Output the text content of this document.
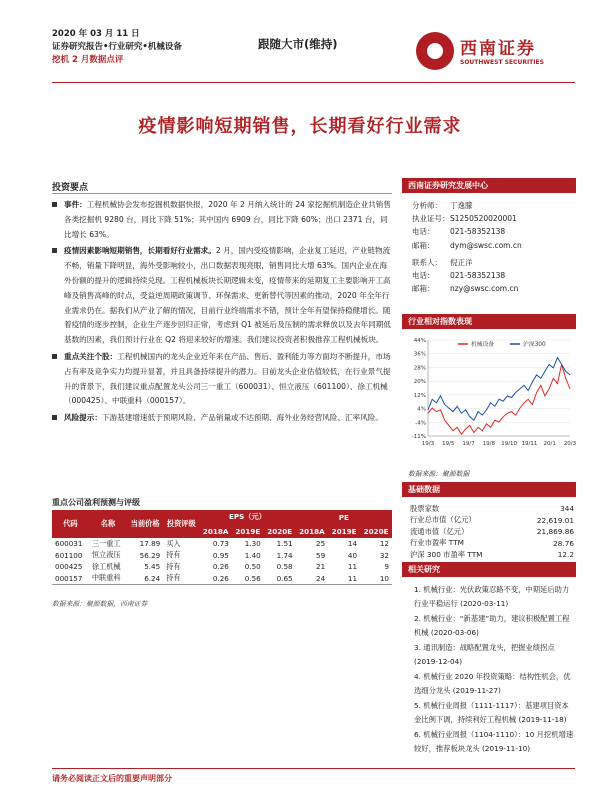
2020 年 03 月 11 日
证券研究报告•行业研究•机械设备
挖机 2 月数据点评
跟随大市(维持)	西南证券
SOUTHWEST SECURITIES
疫情影响短期销售，长期看好行业需求
投资要点
事件：工程机械协会发布挖掘机数据快报，2020 年 2 月纳入统计的 24 家挖掘机制造企业共销售各类挖掘机 9280 台，同比下降 51%；其中国内 6909 台，同比下降 60%；出口 2371 台，同比增长 63%。
疫情因素影响短期销售，长期看好行业需求。2 月，国内受疫情影响，企业复工延迟，产业链物流不畅，销量下降明显，海外受影响较小，出口数据表现亮眼，销售同比大增 63%。国内企业在海外份额的提升的逻辑持续兑现。工程机械板块长期逻辑未变，疫情带来的延期复工主要影响开工高峰及销售高峰的时点，受益逆周期政策调节、环保需求、更新替代等因素的推动，2020 年全年行业需求仍在。据我们从产业了解的情况，目前行业终端需求不错，预计全年有望保持稳健增长。随着疫情的逐步控制，企业生产逐步回归正常，考虑到 Q1 被延后及压制的需求释放以及去年同期低基数的因素，我们预计行业在 Q2 将迎来较好的增速。我们建议投资者积极推荐工程机械板块。
重点关注个股：工程机械国内的龙头企业近年来在产品、售后、盈利能力等方面均不断提升，市场占有率及竞争实力均提升显著，并且具备持续提升的潜力。目前龙头企业估值较低，在行业景气提升的背景下，我们建议重点配置龙头公司三一重工（600031）、恒立液压（601100）、徐工机械（000425）、中联重科（000157）。
风险提示：下游基建增速低于预期风险、产品销量或不达预期、海外业务经营风险、汇率风险。
重点公司盈利预测与评级
代码	名称	当前价格	投资评级	EPS（元）			PE		
				2018A	2019E	2020E	2018A	2019E	2020E
600031	三一重工	17.89	买入	0.73	1.30	1.51	25	14	12
601100	恒立液压	56.29	持有	0.95	1.40	1.74	59	40	32
000425	徐工机械	5.45	持有	0.26	0.50	0.58	21	11	9
000157	中联重科	6.24	持有	0.26	0.56	0.65	24	11	10
数据来源：聚源数据，西南证券
西南证券研究发展中心
分析师： 丁逸朦
执业证号：S1250520020001
电话： 021-58352138
邮箱： dym@swsc.com.cn
联系人： 倪正洋
电话： 021-58352138
邮箱： nzy@swsc.com.cn
行业相对指数表现
44%
36%
28%
20%
12%
4%
-4%
-11%
19/3 19/5 19/7 19/8 19/10 19/11 20/1 20/3
机械设备	沪深300
数据来源：聚源数据
基础数据
股票家数	344
行业总市值（亿元）	22,619.01
流通市值（亿元）	21,869.86
行业市盈率 TTM	28.76
沪深 300 市盈率 TTM	12.2
相关研究
1. 机械行业：光伏政策忍路不变，中期延后助力行业平稳运行 (2020-03-11)
2. 机械行业：“新基建”助力，建议积极配置工程机械 (2020-03-06)
3. 通讯制造：战略配置龙头，把握业绩拐点 (2019-12-04)
4. 机械行业 2020 年投资策略：结构性机会，优选细分龙头 (2019-11-27)
5. 机械行业周报（1111-1117）：基建项目资本金比例下调，持续利好工程机械 (2019-11-18)
6. 机械行业周报（1104-1110）：10 月挖机增速较好，推荐板块龙头 (2019-11-10)
请务必阅读正文后的重要声明部分
